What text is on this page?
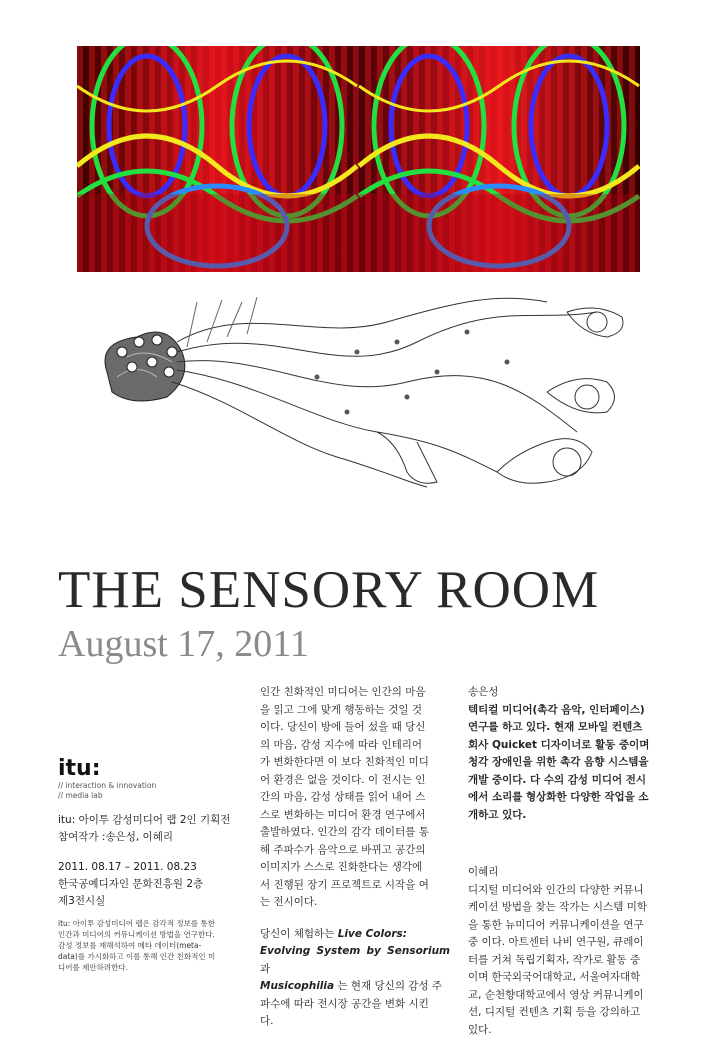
THE SENSORY ROOM
August 17, 2011
itu:
// interaction & innovation
// media lab
itu: 아이투 감성미디어 랩 2인 기획전
참여작가 :송은성, 이혜리
2011. 08.17 – 2011. 08.23
한국공예디자인 문화진흥원 2층
제3전시실
itu: 아이투 감성미디어 랩은 감각적 정보를 통한
인간과 미디어의 커뮤니케이션 방법을 연구한다.
감성 정보를 재해석하여 메타 데이터(meta-
data)를 가시화하고 이를 통해 인간 친화적인 미
디어를 제안하려한다.
인간 친화적인 미디어는 인간의 마음
을 읽고 그에 맞게 행동하는 것일 것
이다. 당신이 방에 들어 섰을 때 당신
의 마음, 감성 지수에 따라 인테리어
가 변화한다면 이 보다 친화적인 미디
어 환경은 없을 것이다. 이 전시는 인
간의 마음, 감성 상태를 읽어 내어 스
스로 변화하는 미디어 환경 연구에서
출발하였다. 인간의 감각 데이터를 통
해 주파수가 음악으로 바뀌고 공간의
이미지가 스스로 진화한다는 생각에
서 진행된 장기 프로젝트로 시작을 여
는 전시이다.
당신이 체험하는 Live Colors:
Evolving System by Sensorium 과
Musicophilia 는 현재 당신의 감성 주
파수에 따라 전시장 공간을 변화 시킨
다.
송은성
텍티컬 미디어(촉각 음악, 인터페이스)
연구를 하고 있다. 현재 모바일 컨텐츠
회사 Quicket 디자이너로 활동 중이며
청각 장애인을 위한 촉각 음향 시스템을
개발 중이다. 다 수의 감성 미디어 전시
에서 소리를 형상화한 다양한 작업을 소
개하고 있다.
이혜리
디지털 미디어와 인간의 다양한 커뮤니
케이션 방법을 찾는 작가는 시스템 미학
을 통한 뉴미디어 커뮤니케이션을 연구
중 이다. 아트센터 나비 연구원, 큐레이
터를 거쳐 독립기획자, 작가로 활동 중
이며 한국외국어대학교, 서울여자대학
교, 순천향대학교에서 영상 커뮤니케이
션, 디지털 컨텐츠 기획 등을 강의하고
있다.
